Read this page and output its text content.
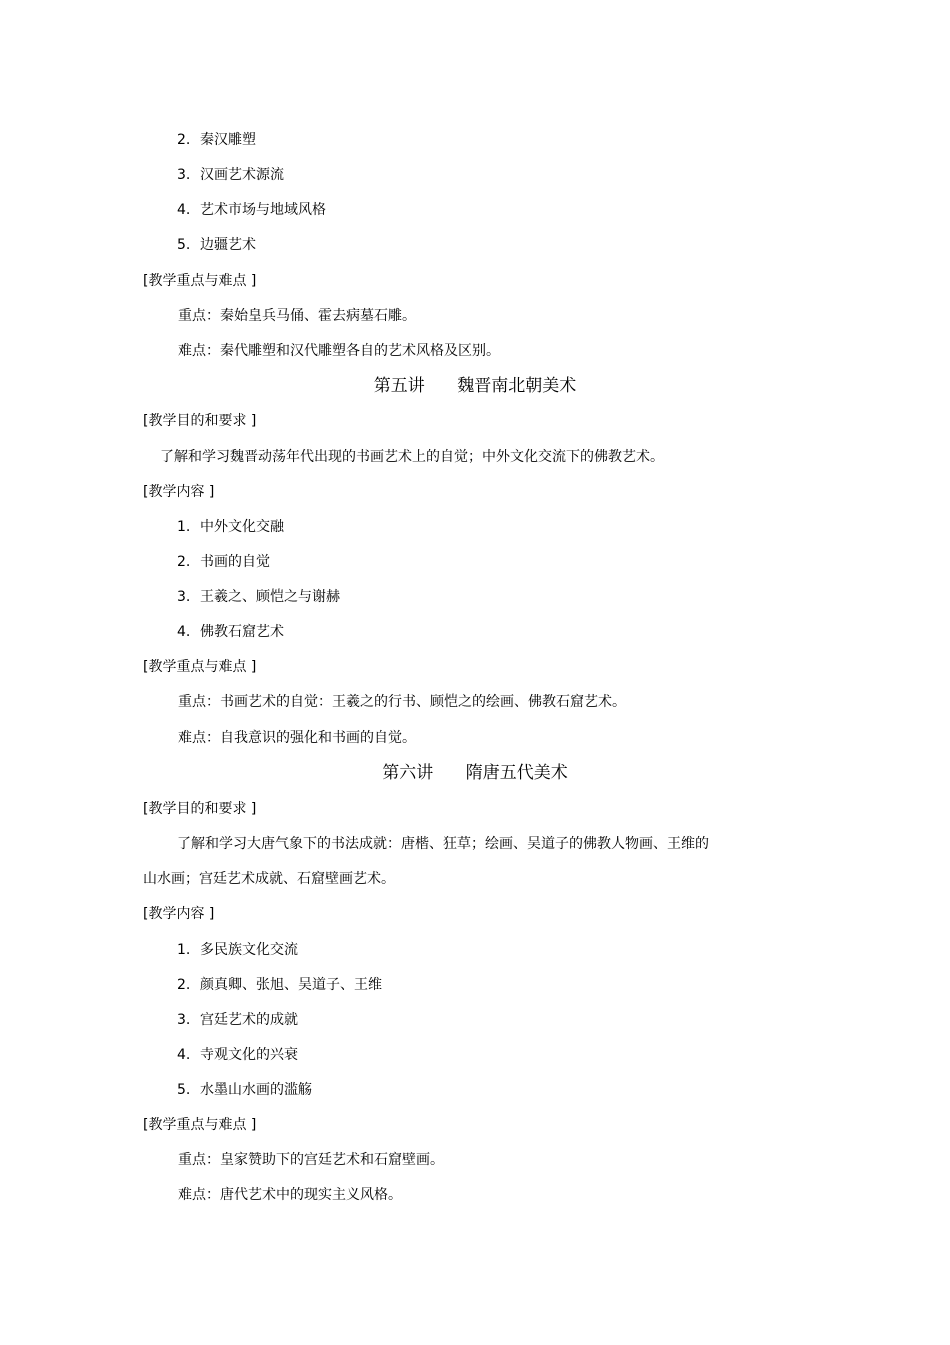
2. 秦汉雕塑
3. 汉画艺术源流
4. 艺术市场与地域风格
5. 边疆艺术
[教学重点与难点 ]
重点：秦始皇兵马俑、霍去病墓石雕。
难点：秦代雕塑和汉代雕塑各自的艺术风格及区别。
第五讲      魏晋南北朝美术
[教学目的和要求 ]
了解和学习魏晋动荡年代出现的书画艺术上的自觉；中外文化交流下的佛教艺术。
[教学内容 ]
1. 中外文化交融
2. 书画的自觉
3. 王羲之、顾恺之与谢赫
4. 佛教石窟艺术
[教学重点与难点 ]
重点：书画艺术的自觉：王羲之的行书、顾恺之的绘画、佛教石窟艺术。
难点：自我意识的强化和书画的自觉。
第六讲      隋唐五代美术
[教学目的和要求 ]
了解和学习大唐气象下的书法成就：唐楷、狂草；绘画、吴道子的佛教人物画、王维的
山水画；宫廷艺术成就、石窟壁画艺术。
[教学内容 ]
1. 多民族文化交流
2. 颜真卿、张旭、吴道子、王维
3. 宫廷艺术的成就
4. 寺观文化的兴衰
5. 水墨山水画的滥觞
[教学重点与难点 ]
重点：皇家赞助下的宫廷艺术和石窟壁画。
难点：唐代艺术中的现实主义风格。
